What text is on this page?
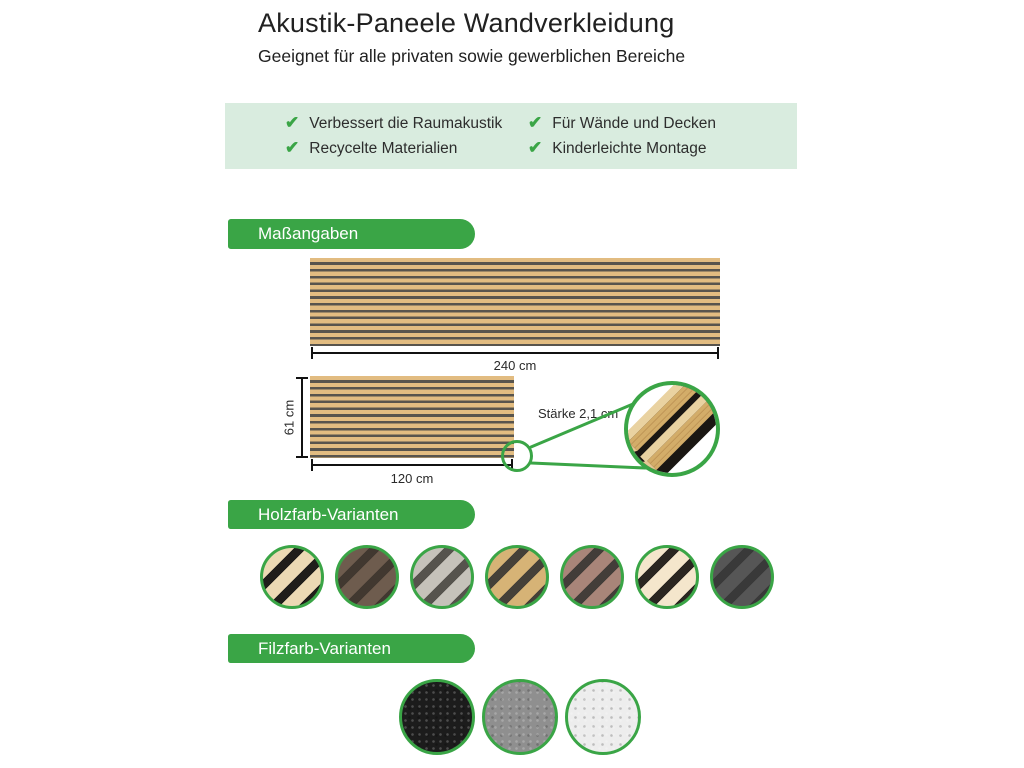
Akustik-Paneele Wandverkleidung
Geeignet für alle privaten sowie gewerblichen Bereiche
✔ Verbessert die Raumakustik ✔ Für Wände und Decken
✔ Recycelte Materialien	✔ Kinderleichte Montage
Maßangaben
240 cm
61 cm
120 cm
Stärke 2,1 cm
Holzfarb-Varianten
Filzfarb-Varianten
